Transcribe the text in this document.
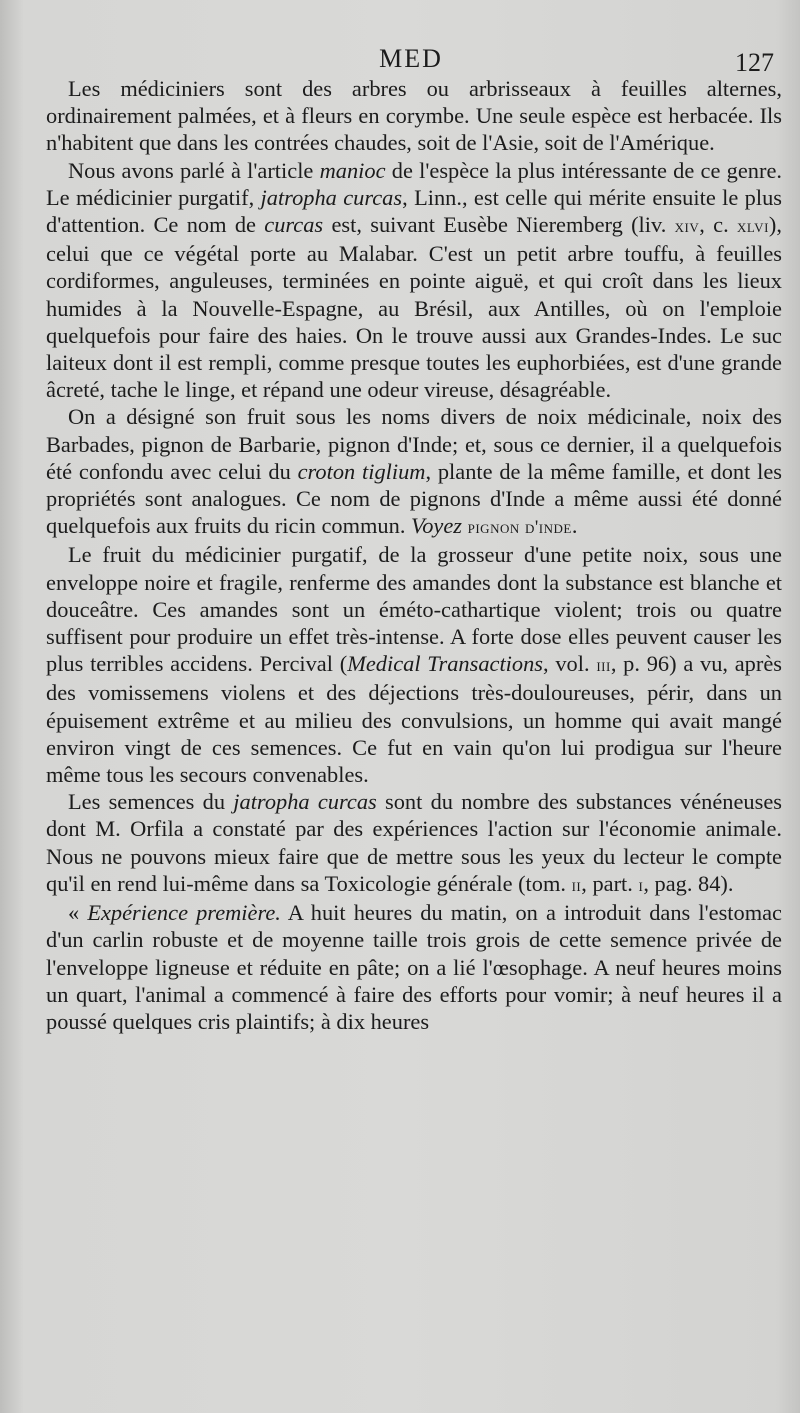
MED	127

Les médiciniers sont des arbres ou arbrisseaux à feuilles alternes, ordinairement palmées, et à fleurs en corymbe. Une seule espèce est herbacée. Ils n'habitent que dans les contrées chaudes, soit de l'Asie, soit de l'Amérique.

Nous avons parlé à l'article manioc de l'espèce la plus intéressante de ce genre. Le médicinier purgatif, jatropha curcas, Linn., est celle qui mérite ensuite le plus d'attention. Ce nom de curcas est, suivant Eusèbe Nieremberg (liv. xiv, c. xlvi), celui que ce végétal porte au Malabar. C'est un petit arbre touffu, à feuilles cordiformes, anguleuses, terminées en pointe aiguë, et qui croît dans les lieux humides à la Nouvelle-Espagne, au Brésil, aux Antilles, où on l'emploie quelquefois pour faire des haies. On le trouve aussi aux Grandes-Indes. Le suc laiteux dont il est rempli, comme presque toutes les euphorbiées, est d'une grande âcreté, tache le linge, et répand une odeur vireuse, désagréable.

On a désigné son fruit sous les noms divers de noix médicinale, noix des Barbades, pignon de Barbarie, pignon d'Inde; et, sous ce dernier, il a quelquefois été confondu avec celui du croton tiglium, plante de la même famille, et dont les propriétés sont analogues. Ce nom de pignons d'Inde a même aussi été donné quelquefois aux fruits du ricin commun. Voyez pignon d'inde.

Le fruit du médicinier purgatif, de la grosseur d'une petite noix, sous une enveloppe noire et fragile, renferme des amandes dont la substance est blanche et douceâtre. Ces amandes sont un éméto-cathartique violent; trois ou quatre suffisent pour produire un effet très-intense. A forte dose elles peuvent causer les plus terribles accidens. Percival (Medical Transactions, vol. iii, p. 96) a vu, après des vomissemens violens et des déjections très-douloureuses, périr, dans un épuisement extrême et au milieu des convulsions, un homme qui avait mangé environ vingt de ces semences. Ce fut en vain qu'on lui prodigua sur l'heure même tous les secours convenables.

Les semences du jatropha curcas sont du nombre des substances vénéneuses dont M. Orfila a constaté par des expériences l'action sur l'économie animale. Nous ne pouvons mieux faire que de mettre sous les yeux du lecteur le compte qu'il en rend lui-même dans sa Toxicologie générale (tom. ii, part. i, pag. 84).

« Expérience première. A huit heures du matin, on a introduit dans l'estomac d'un carlin robuste et de moyenne taille trois grois de cette semence privée de l'enveloppe ligneuse et réduite en pâte; on a lié l'œsophage. A neuf heures moins un quart, l'animal a commencé à faire des efforts pour vomir; à neuf heures il a poussé quelques cris plaintifs; à dix heures
